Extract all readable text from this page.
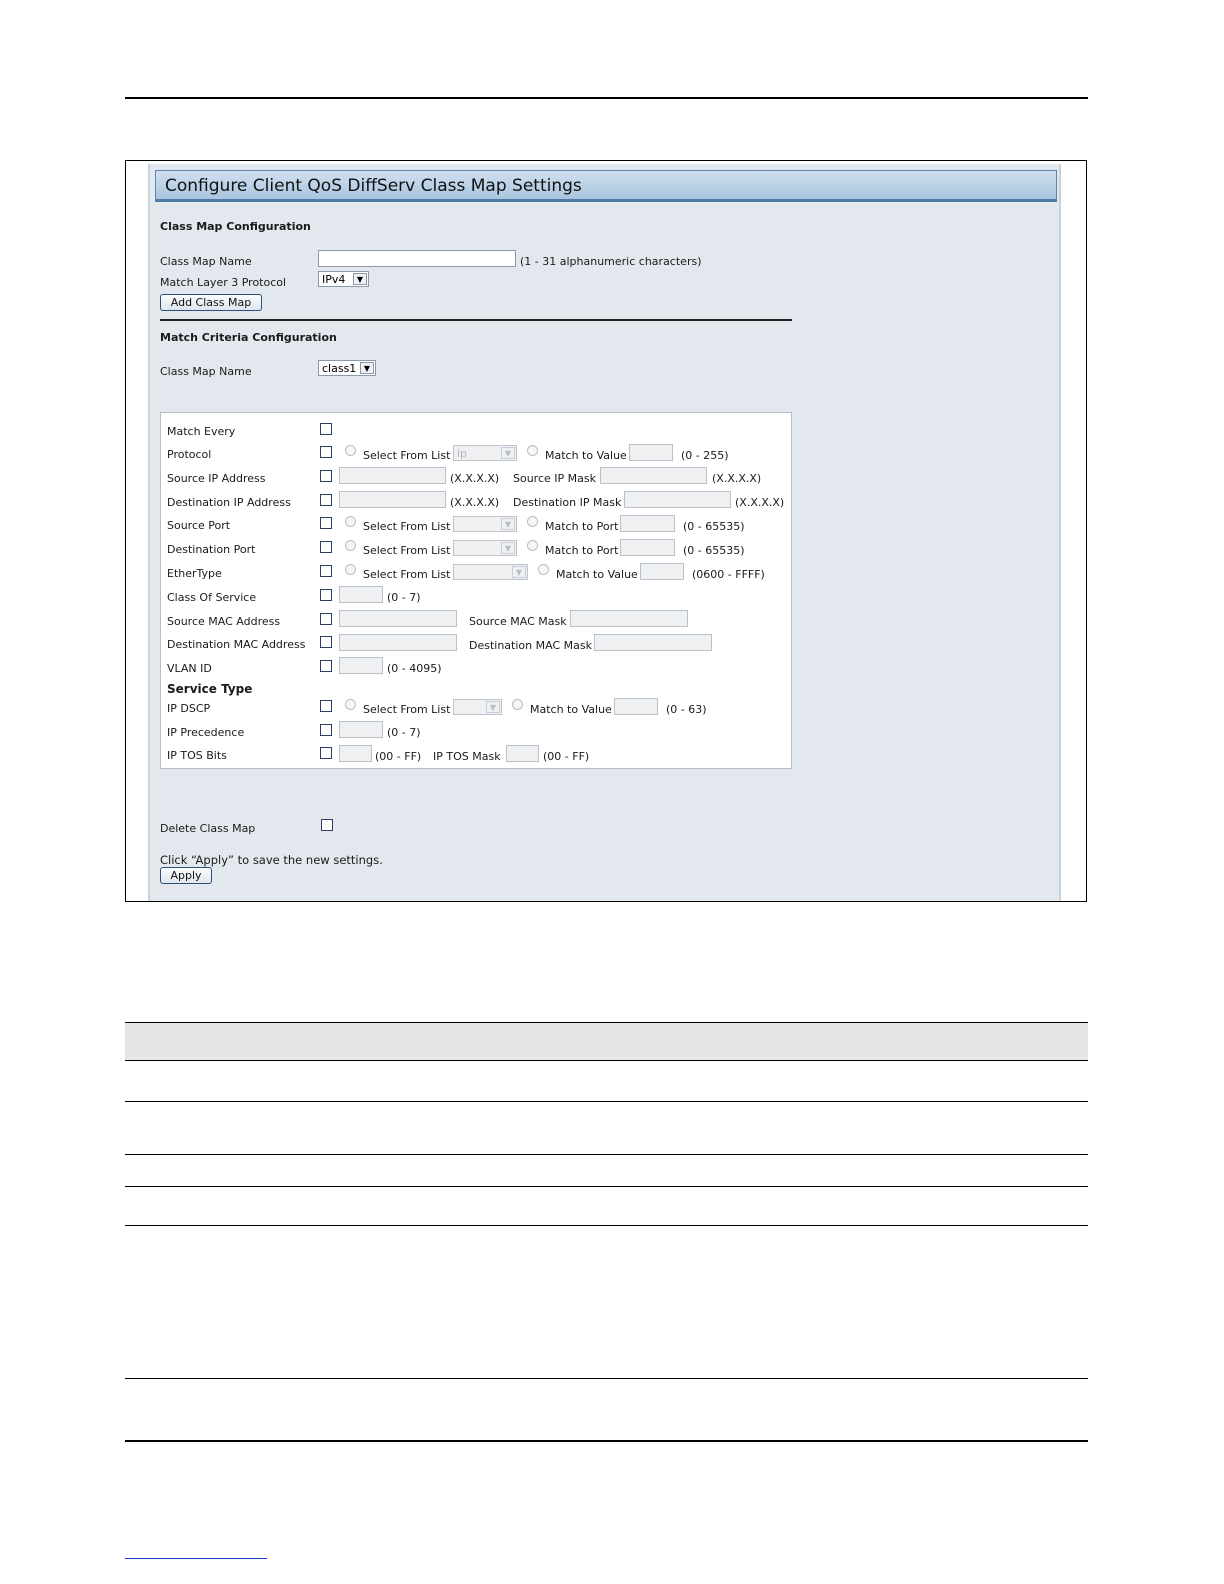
Configure Client QoS DiffServ Class Map Settings
Class Map Configuration
Class Map Name	(1 - 31 alphanumeric characters)
Match Layer 3 Protocol	IPv4	▼
Add Class Map
Match Criteria Configuration
Class Map Name	class1 ▼
Match Every
Protocol	Select From List ip	▼	Match to Value	(0 - 255)
Source IP Address	(X.X.X.X) Source IP Mask	(X.X.X.X)
Destination IP Address	(X.X.X.X) Destination IP Mask	(X.X.X.X)
Source Port	Select From List	▼	Match to Port	(0 - 65535)
Destination Port	Select From List	▼	Match to Port	(0 - 65535)
EtherType	Select From List	▼	Match to Value	(0600 - FFFF)
Class Of Service	(0 - 7)
Source MAC Address	Source MAC Mask
Destination MAC Address	Destination MAC Mask
VLAN ID	(0 - 4095)
Service Type
IP DSCP	Select From List	▼	Match to Value	(0 - 63)
IP Precedence	(0 - 7)
IP TOS Bits	(00 - FF) IP TOS Mask	(00 - FF)
Delete Class Map
Click “Apply” to save the new settings.
Apply
